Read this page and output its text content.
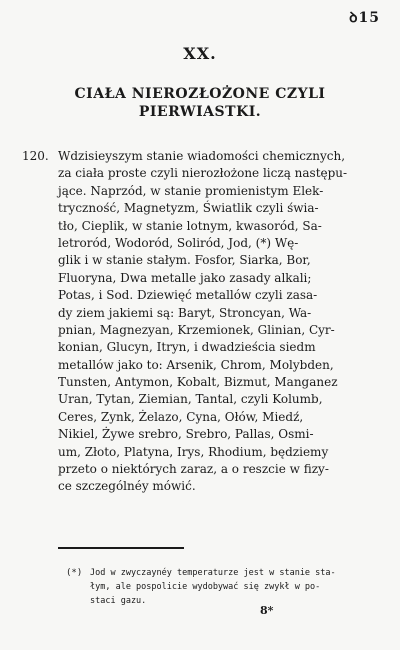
ꝺ15
XX.
CIAŁA NIEROZŁOŻONE CZYLI
PIERWIASTKI.
120. Wdzisieyszym stanie wiadomości chemicznych,
za ciała proste czyli nierozłożone liczą następu-
jące. Naprzód, w stanie promienistym Elek-
tryczność, Magnetyzm, Światlik czyli świa-
tło, Cieplik, w stanie lotnym, kwasoród, Sa-
letroród, Wodoród, Soliród, Jod, (*) Wę-
glik i w stanie stałym. Fosfor, Siarka, Bor,
Fluoryna, Dwa metalle jako zasady alkali;
Potas, i Sod. Dziewięć metallów czyli zasa-
dy ziem jakiemi są: Baryt, Stroncyan, Wa-
pnian, Magnezyan, Krzemionek, Glinian, Cyr-
konian, Glucyn, Itryn, i dwadzieścia siedm
metallów jako to: Arsenik, Chrom, Molybden,
Tunsten, Antymon, Kobalt, Bizmut, Manganez
Uran, Tytan, Ziemian, Tantal, czyli Kolumb,
Ceres, Zynk, Żelazo, Cyna, Ołów, Miedź,
Nikiel, Żywe srebro, Srebro, Pallas, Osmi-
um, Złoto, Platyna, Irys, Rhodium, będziemy
przeto o niektórych zaraz, a o reszcie w fizy-
ce szczególnéy mówić.
(*) Jod w zwyczaynéy temperaturze jest w stanie sta-
łym, ale pospolicie wydobywać się zwykł w po-
staci gazu.
8*
